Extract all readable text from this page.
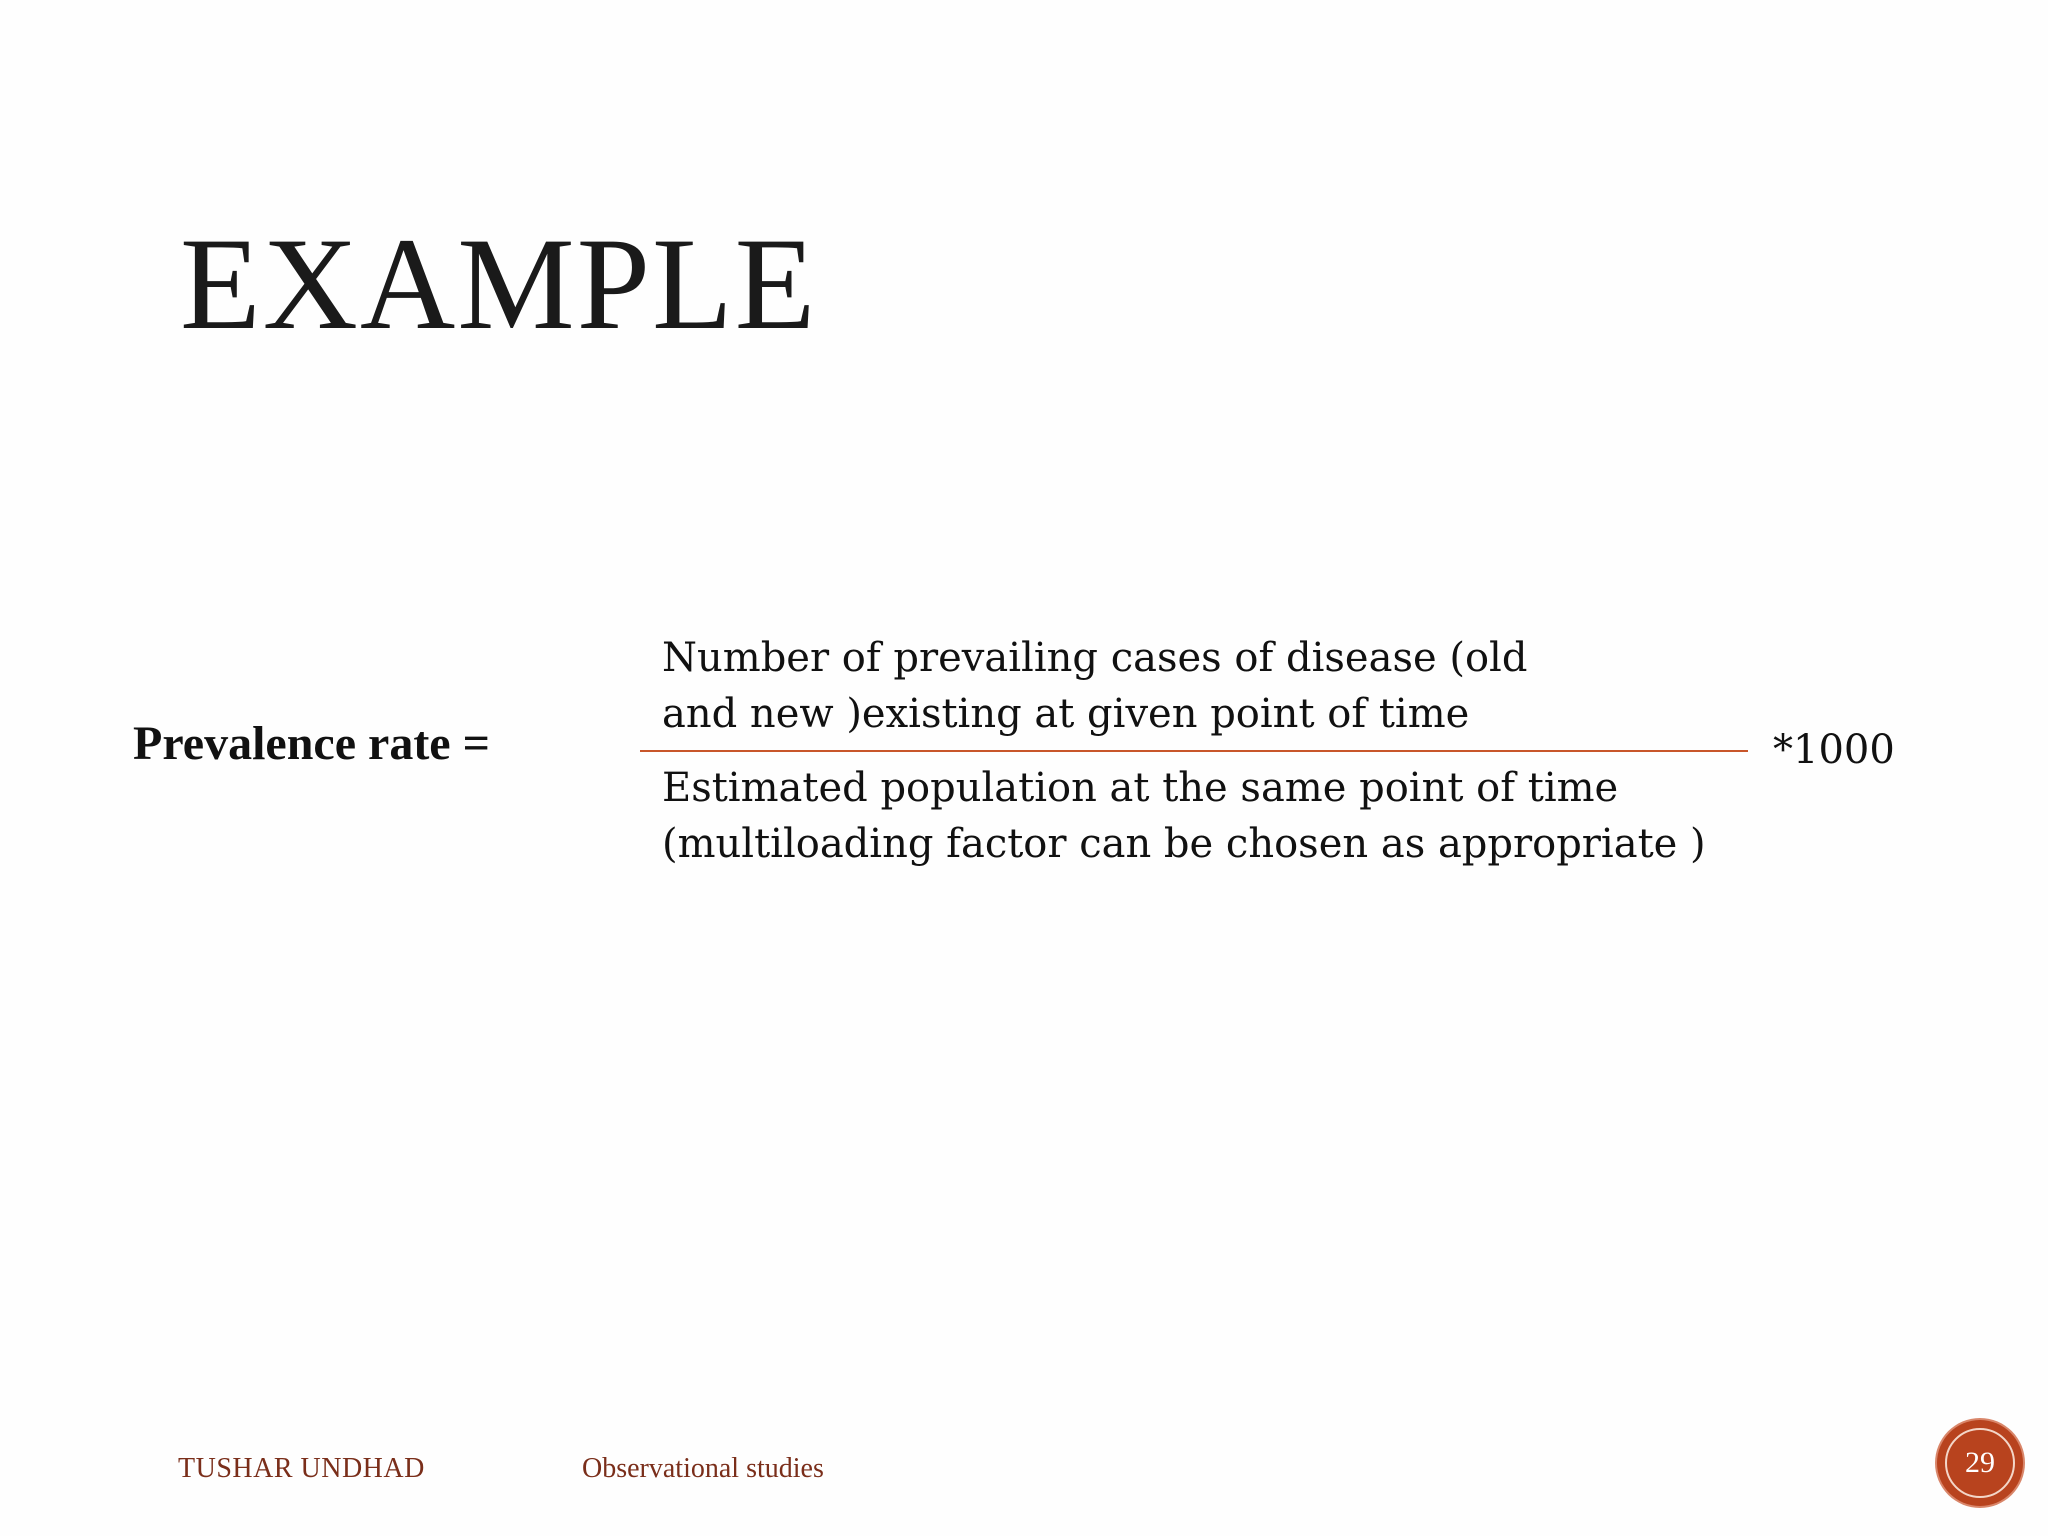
EXAMPLE
Prevalence rate =
Number of prevailing cases of disease (old
and new )existing at given point of time
Estimated population at the same point of time
(multiloading factor can be chosen as appropriate )
*1000
TUSHAR UNDHAD	Observational studies	29
